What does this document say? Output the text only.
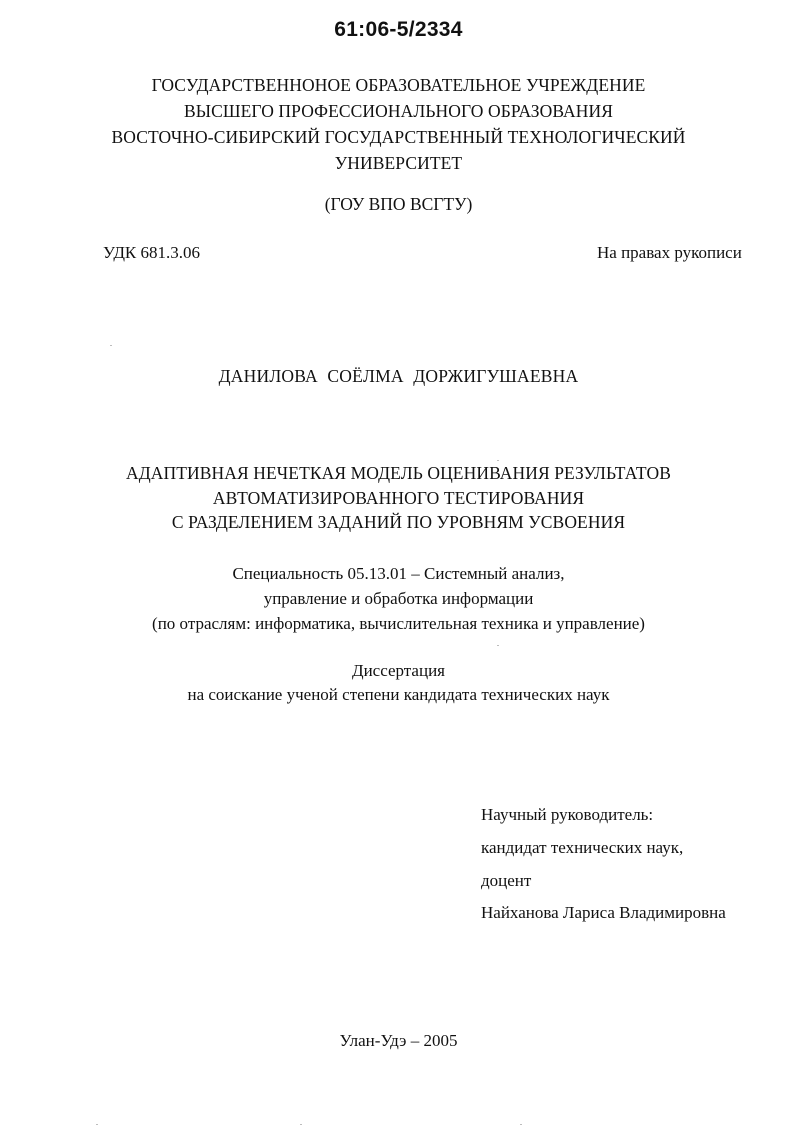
61:06-5/2334
ГОСУДАРСТВЕННОНОЕ ОБРАЗОВАТЕЛЬНОЕ УЧРЕЖДЕНИЕ
ВЫСШЕГО ПРОФЕССИОНАЛЬНОГО ОБРАЗОВАНИЯ
ВОСТОЧНО-СИБИРСКИЙ ГОСУДАРСТВЕННЫЙ ТЕХНОЛОГИЧЕСКИЙ
УНИВЕРСИТЕТ
(ГОУ ВПО ВСГТУ)
УДК 681.3.06	На правах рукописи
ДАНИЛОВА СОЁЛМА ДОРЖИГУШАЕВНА
АДАПТИВНАЯ НЕЧЕТКАЯ МОДЕЛЬ ОЦЕНИВАНИЯ РЕЗУЛЬТАТОВ
АВТОМАТИЗИРОВАННОГО ТЕСТИРОВАНИЯ
С РАЗДЕЛЕНИЕМ ЗАДАНИЙ ПО УРОВНЯМ УСВОЕНИЯ
Специальность 05.13.01 – Системный анализ,
управление и обработка информации
(по отраслям: информатика, вычислительная техника и управление)
Диссертация
на соискание ученой степени кандидата технических наук
Научный руководитель:
кандидат технических наук,
доцент
Найханова Лариса Владимировна
Улан-Удэ – 2005
